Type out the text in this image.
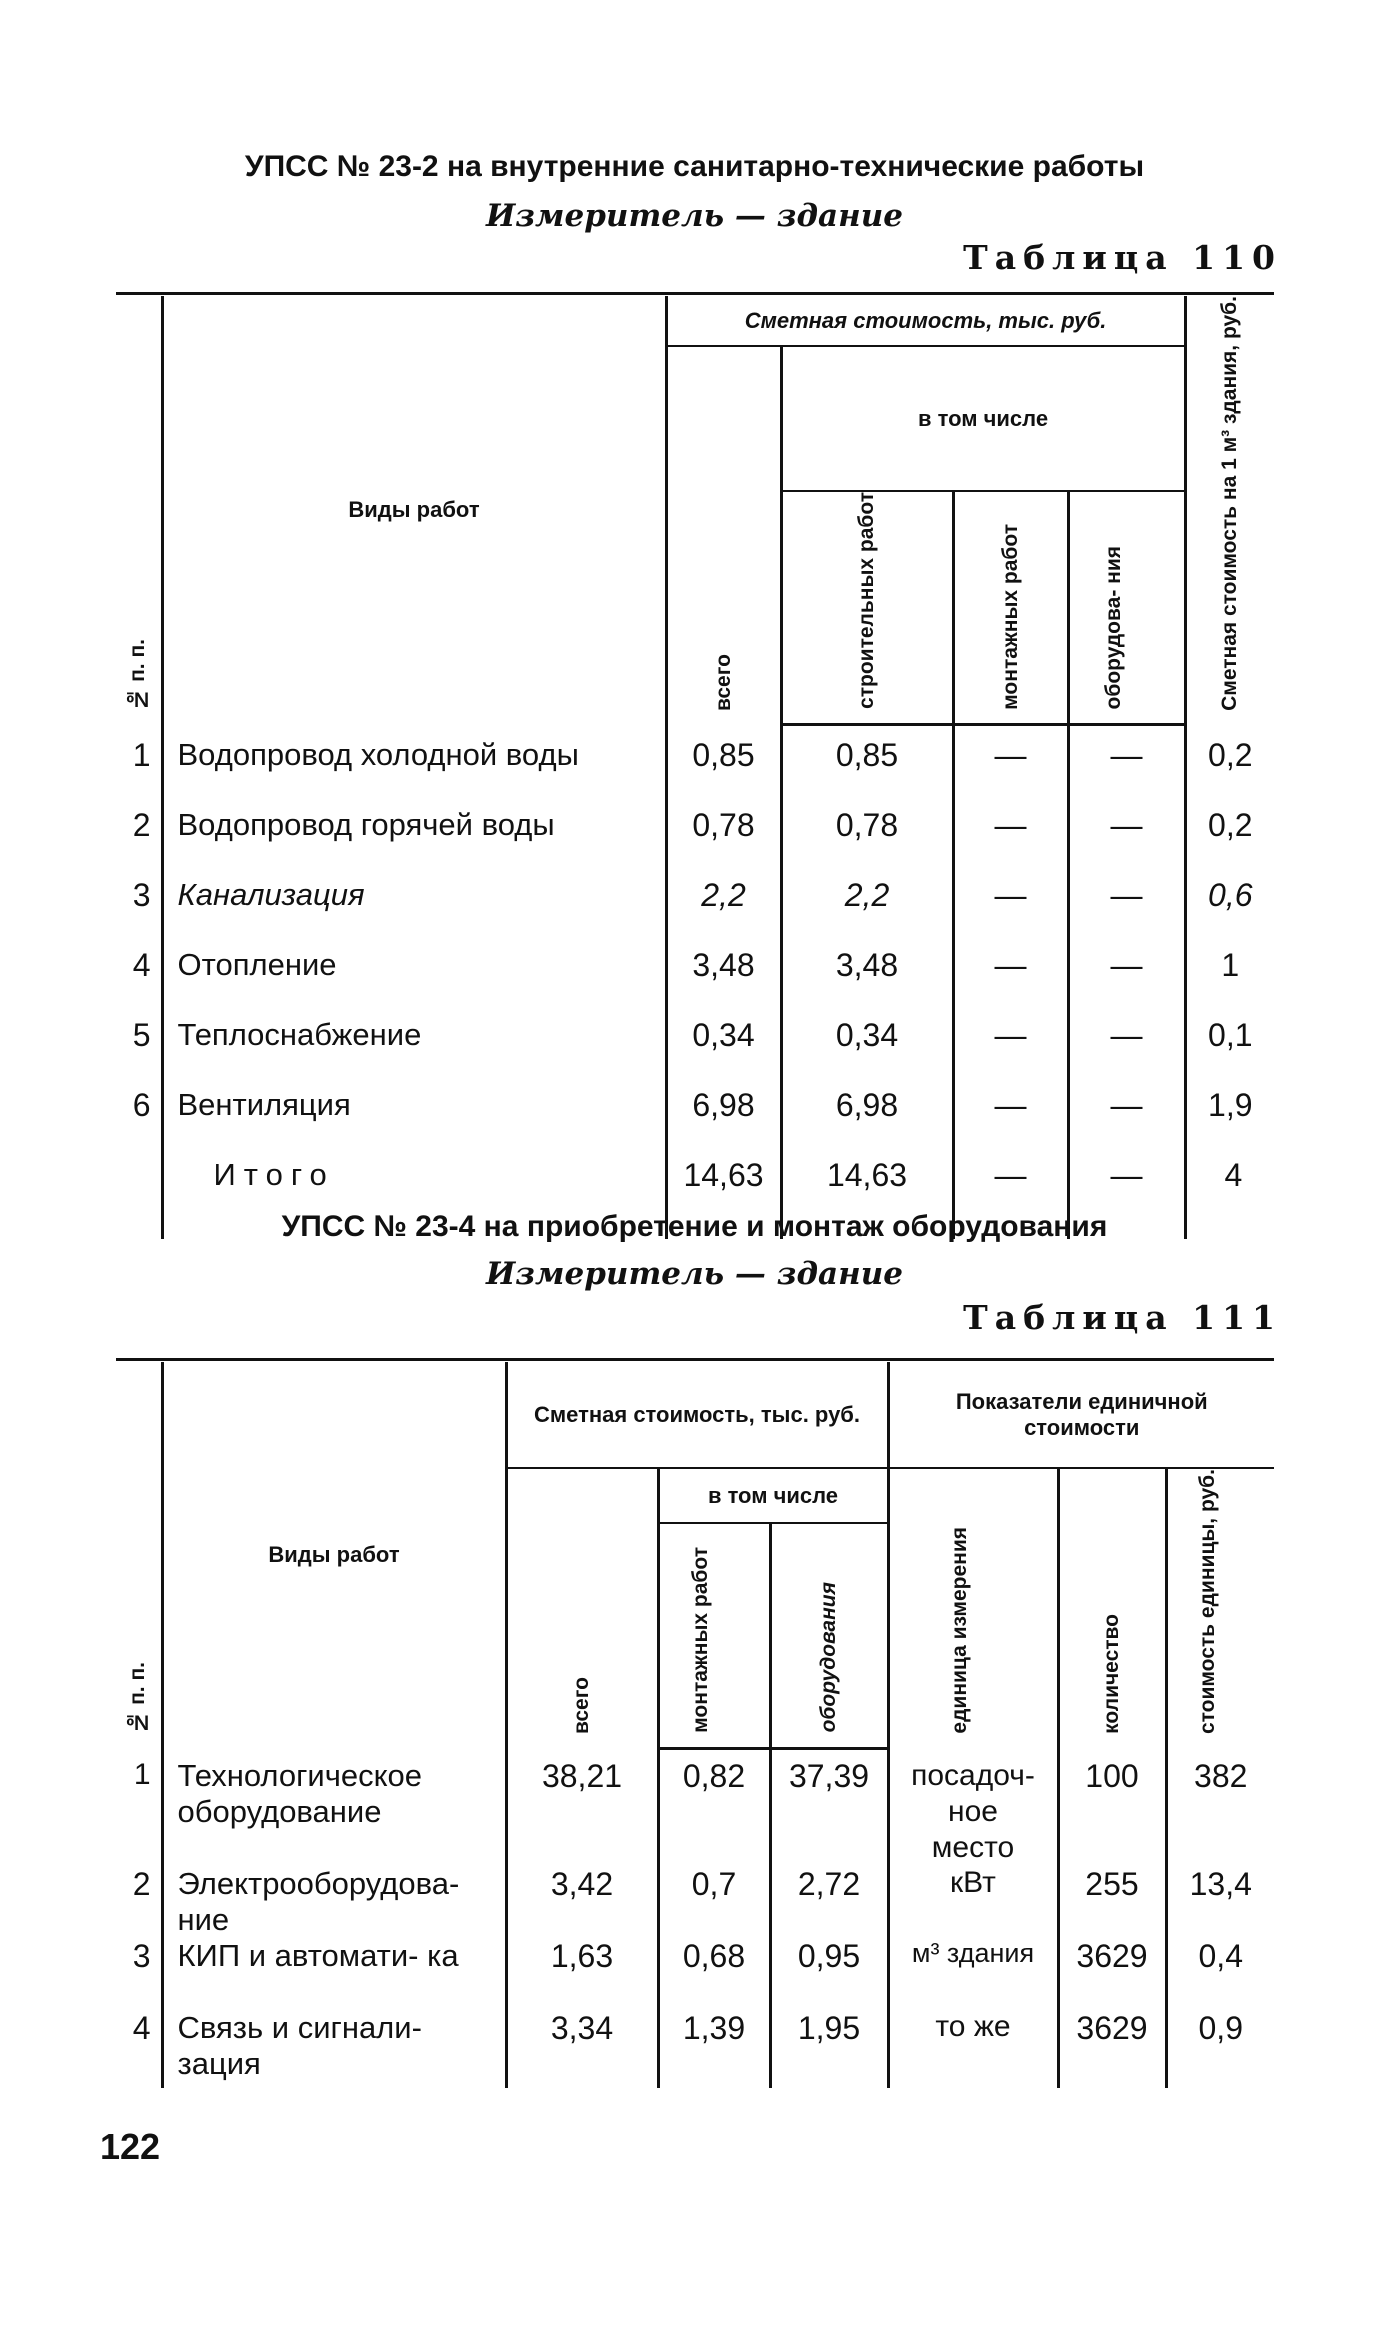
УПСС № 23-2 на внутренние санитарно-технические работы
Измеритель — здание
Таблица 110
№ п. п.	Виды работ	Сметная стоимость, тыс. руб.				Сметная стоимость на 1 м³ здания, руб.
		всего	в том числе			
			строительных работ	монтажных работ	оборудова- ния	

1	Водопровод холодной воды	0,85	0,85	—	—	0,2
2	Водопровод горячей воды	0,78	0,78	—	—	0,2
3	Канализация	2,2	2,2	—	—	0,6
4	Отопление	3,48	3,48	—	—	1
5	Теплоснабжение	0,34	0,34	—	—	0,1
6	Вентиляция	6,98	6,98	—	—	1,9
	Итого	14,63	14,63	—	—	4
УПСС № 23-4 на приобретение и монтаж оборудования
Измеритель — здание
Таблица 111
№ п. п.	Виды работ	Сметная стоимость, тыс. руб.			Показатели единичной стоимости		
		всего	в том числе		единица измерения	количество	стоимость единицы, руб.
			монтажных работ	оборудования			

1	Технологическое оборудование	38,21	0,82	37,39	посадоч- ное место	100	382
2	Электрооборудова- ние	3,42	0,7	2,72	кВт	255	13,4
3	КИП и автомати- ка	1,63	0,68	0,95	м³ здания	3629	0,4
4	Связь и сигнали- зация	3,34	1,39	1,95	то же	3629	0,9
122
